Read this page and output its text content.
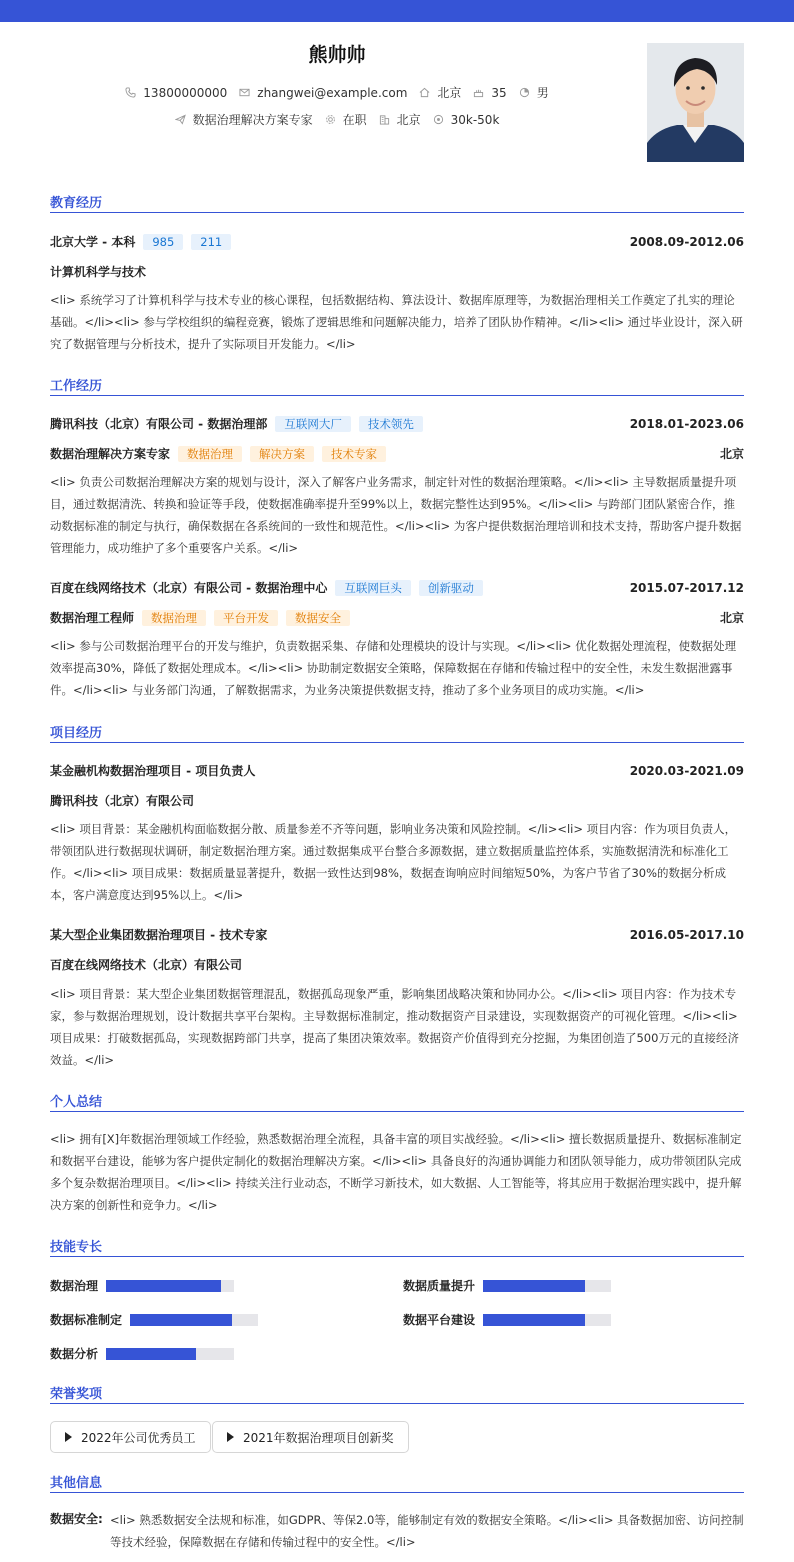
熊帅帅
13800000000	zhangwei@example.com	北京	35	男
数据治理解决方案专家	在职	北京	30k-50k
教育经历
北京大学 - 本科	985	211	2008.09-2012.06
计算机科学与技术
<li> 系统学习了计算机科学与技术专业的核心课程，包括数据结构、算法设计、数据库原理等，为数据治理相关工作奠定了扎实的理论基础。</li><li> 参与学校组织的编程竞赛，锻炼了逻辑思维和问题解决能力，培养了团队协作精神。</li><li> 通过毕业设计，深入研究了数据管理与分析技术，提升了实际项目开发能力。</li>
工作经历
腾讯科技（北京）有限公司 - 数据治理部	互联网大厂	技术领先	2018.01-2023.06
数据治理解决方案专家	数据治理	解决方案	技术专家	北京
<li> 负责公司数据治理解决方案的规划与设计，深入了解客户业务需求，制定针对性的数据治理策略。</li><li> 主导数据质量提升项目，通过数据清洗、转换和验证等手段，使数据准确率提升至99%以上，数据完整性达到95%。</li><li> 与跨部门团队紧密合作，推动数据标准的制定与执行，确保数据在各系统间的一致性和规范性。</li><li> 为客户提供数据治理培训和技术支持，帮助客户提升数据管理能力，成功维护了多个重要客户关系。</li>
百度在线网络技术（北京）有限公司 - 数据治理中心	互联网巨头	创新驱动	2015.07-2017.12
数据治理工程师	数据治理	平台开发	数据安全	北京
<li> 参与公司数据治理平台的开发与维护，负责数据采集、存储和处理模块的设计与实现。</li><li> 优化数据处理流程，使数据处理效率提高30%，降低了数据处理成本。</li><li> 协助制定数据安全策略，保障数据在存储和传输过程中的安全性，未发生数据泄露事件。</li><li> 与业务部门沟通，了解数据需求，为业务决策提供数据支持，推动了多个业务项目的成功实施。</li>
项目经历
某金融机构数据治理项目 - 项目负责人	2020.03-2021.09
腾讯科技（北京）有限公司
<li> 项目背景：某金融机构面临数据分散、质量参差不齐等问题，影响业务决策和风险控制。</li><li> 项目内容：作为项目负责人，带领团队进行数据现状调研，制定数据治理方案。通过数据集成平台整合多源数据，建立数据质量监控体系，实施数据清洗和标准化工作。</li><li> 项目成果：数据质量显著提升，数据一致性达到98%，数据查询响应时间缩短50%，为客户节省了30%的数据分析成本，客户满意度达到95%以上。</li>
某大型企业集团数据治理项目 - 技术专家	2016.05-2017.10
百度在线网络技术（北京）有限公司
<li> 项目背景：某大型企业集团数据管理混乱，数据孤岛现象严重，影响集团战略决策和协同办公。</li><li> 项目内容：作为技术专家，参与数据治理规划，设计数据共享平台架构。主导数据标准制定，推动数据资产目录建设，实现数据资产的可视化管理。</li><li> 项目成果：打破数据孤岛，实现数据跨部门共享，提高了集团决策效率。数据资产价值得到充分挖掘，为集团创造了500万元的直接经济效益。</li>
个人总结
<li> 拥有[X]年数据治理领域工作经验，熟悉数据治理全流程，具备丰富的项目实战经验。</li><li> 擅长数据质量提升、数据标准制定和数据平台建设，能够为客户提供定制化的数据治理解决方案。</li><li> 具备良好的沟通协调能力和团队领导能力，成功带领团队完成多个复杂数据治理项目。</li><li> 持续关注行业动态，不断学习新技术，如大数据、人工智能等，将其应用于数据治理实践中，提升解决方案的创新性和竞争力。</li>
技能专长
数据治理	数据质量提升
数据标准制定	数据平台建设
数据分析
荣誉奖项
2022年公司优秀员工	2021年数据治理项目创新奖
其他信息
数据安全: <li> 熟悉数据安全法规和标准，如GDPR、等保2.0等，能够制定有效的数据安全策略。</li><li> 具备数据加密、访问控制等技术经验，保障数据在存储和传输过程中的安全性。</li>
